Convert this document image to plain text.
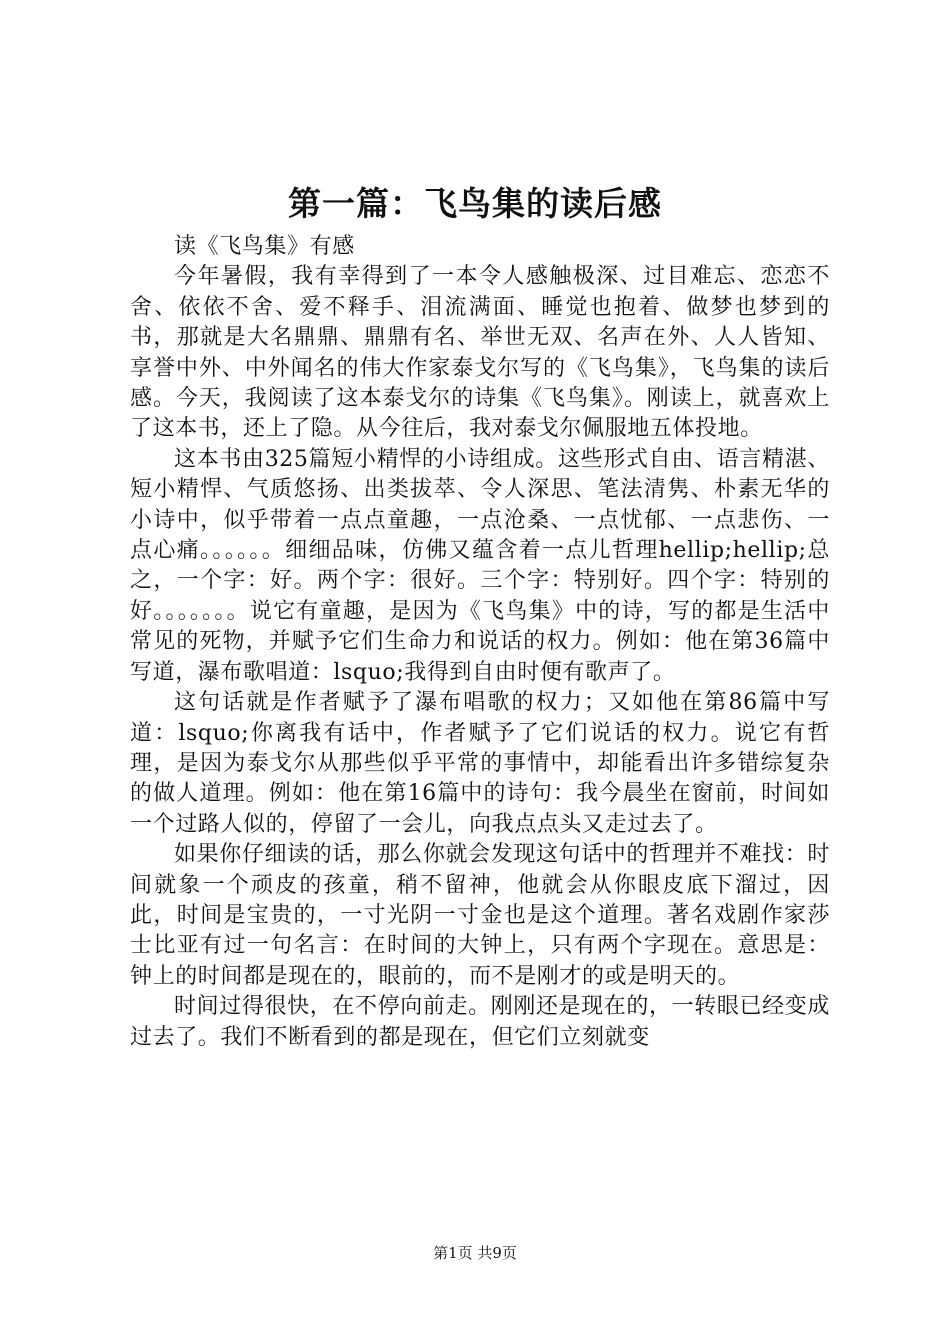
第一篇：飞鸟集的读后感

读《飞鸟集》有感

今年暑假，我有幸得到了一本令人感触极深、过目难忘、恋恋不舍、依依不舍、爱不释手、泪流满面、睡觉也抱着、做梦也梦到的书，那就是大名鼎鼎、鼎鼎有名、举世无双、名声在外、人人皆知、享誉中外、中外闻名的伟大作家泰戈尔写的《飞鸟集》，飞鸟集的读后感。今天，我阅读了这本泰戈尔的诗集《飞鸟集》。刚读上，就喜欢上了这本书，还上了隐。从今往后，我对泰戈尔佩服地五体投地。

这本书由325篇短小精悍的小诗组成。这些形式自由、语言精湛、短小精悍、气质悠扬、出类拔萃、令人深思、笔法清隽、朴素无华的小诗中，似乎带着一点点童趣，一点沧桑、一点忧郁、一点悲伤、一点心痛。。。。。。细细品味，仿佛又蕴含着一点儿哲理hellip;hellip;总之，一个字：好。两个字：很好。三个字：特别好。四个字：特别的好。。。。。。。说它有童趣，是因为《飞鸟集》中的诗，写的都是生活中常见的死物，并赋予它们生命力和说话的权力。例如：他在第36篇中写道，瀑布歌唱道：lsquo;我得到自由时便有歌声了。

这句话就是作者赋予了瀑布唱歌的权力；又如他在第86篇中写道：lsquo;你离我有话中，作者赋予了它们说话的权力。说它有哲理，是因为泰戈尔从那些似乎平常的事情中，却能看出许多错综复杂的做人道理。例如：他在第16篇中的诗句：我今晨坐在窗前，时间如一个过路人似的，停留了一会儿，向我点点头又走过去了。

如果你仔细读的话，那么你就会发现这句话中的哲理并不难找：时间就象一个顽皮的孩童，稍不留神，他就会从你眼皮底下溜过，因此，时间是宝贵的，一寸光阴一寸金也是这个道理。著名戏剧作家莎士比亚有过一句名言：在时间的大钟上，只有两个字现在。意思是：钟上的时间都是现在的，眼前的，而不是刚才的或是明天的。

时间过得很快，在不停向前走。刚刚还是现在的，一转眼已经变成过去了。我们不断看到的都是现在，但它们立刻就变

第1页 共9页
